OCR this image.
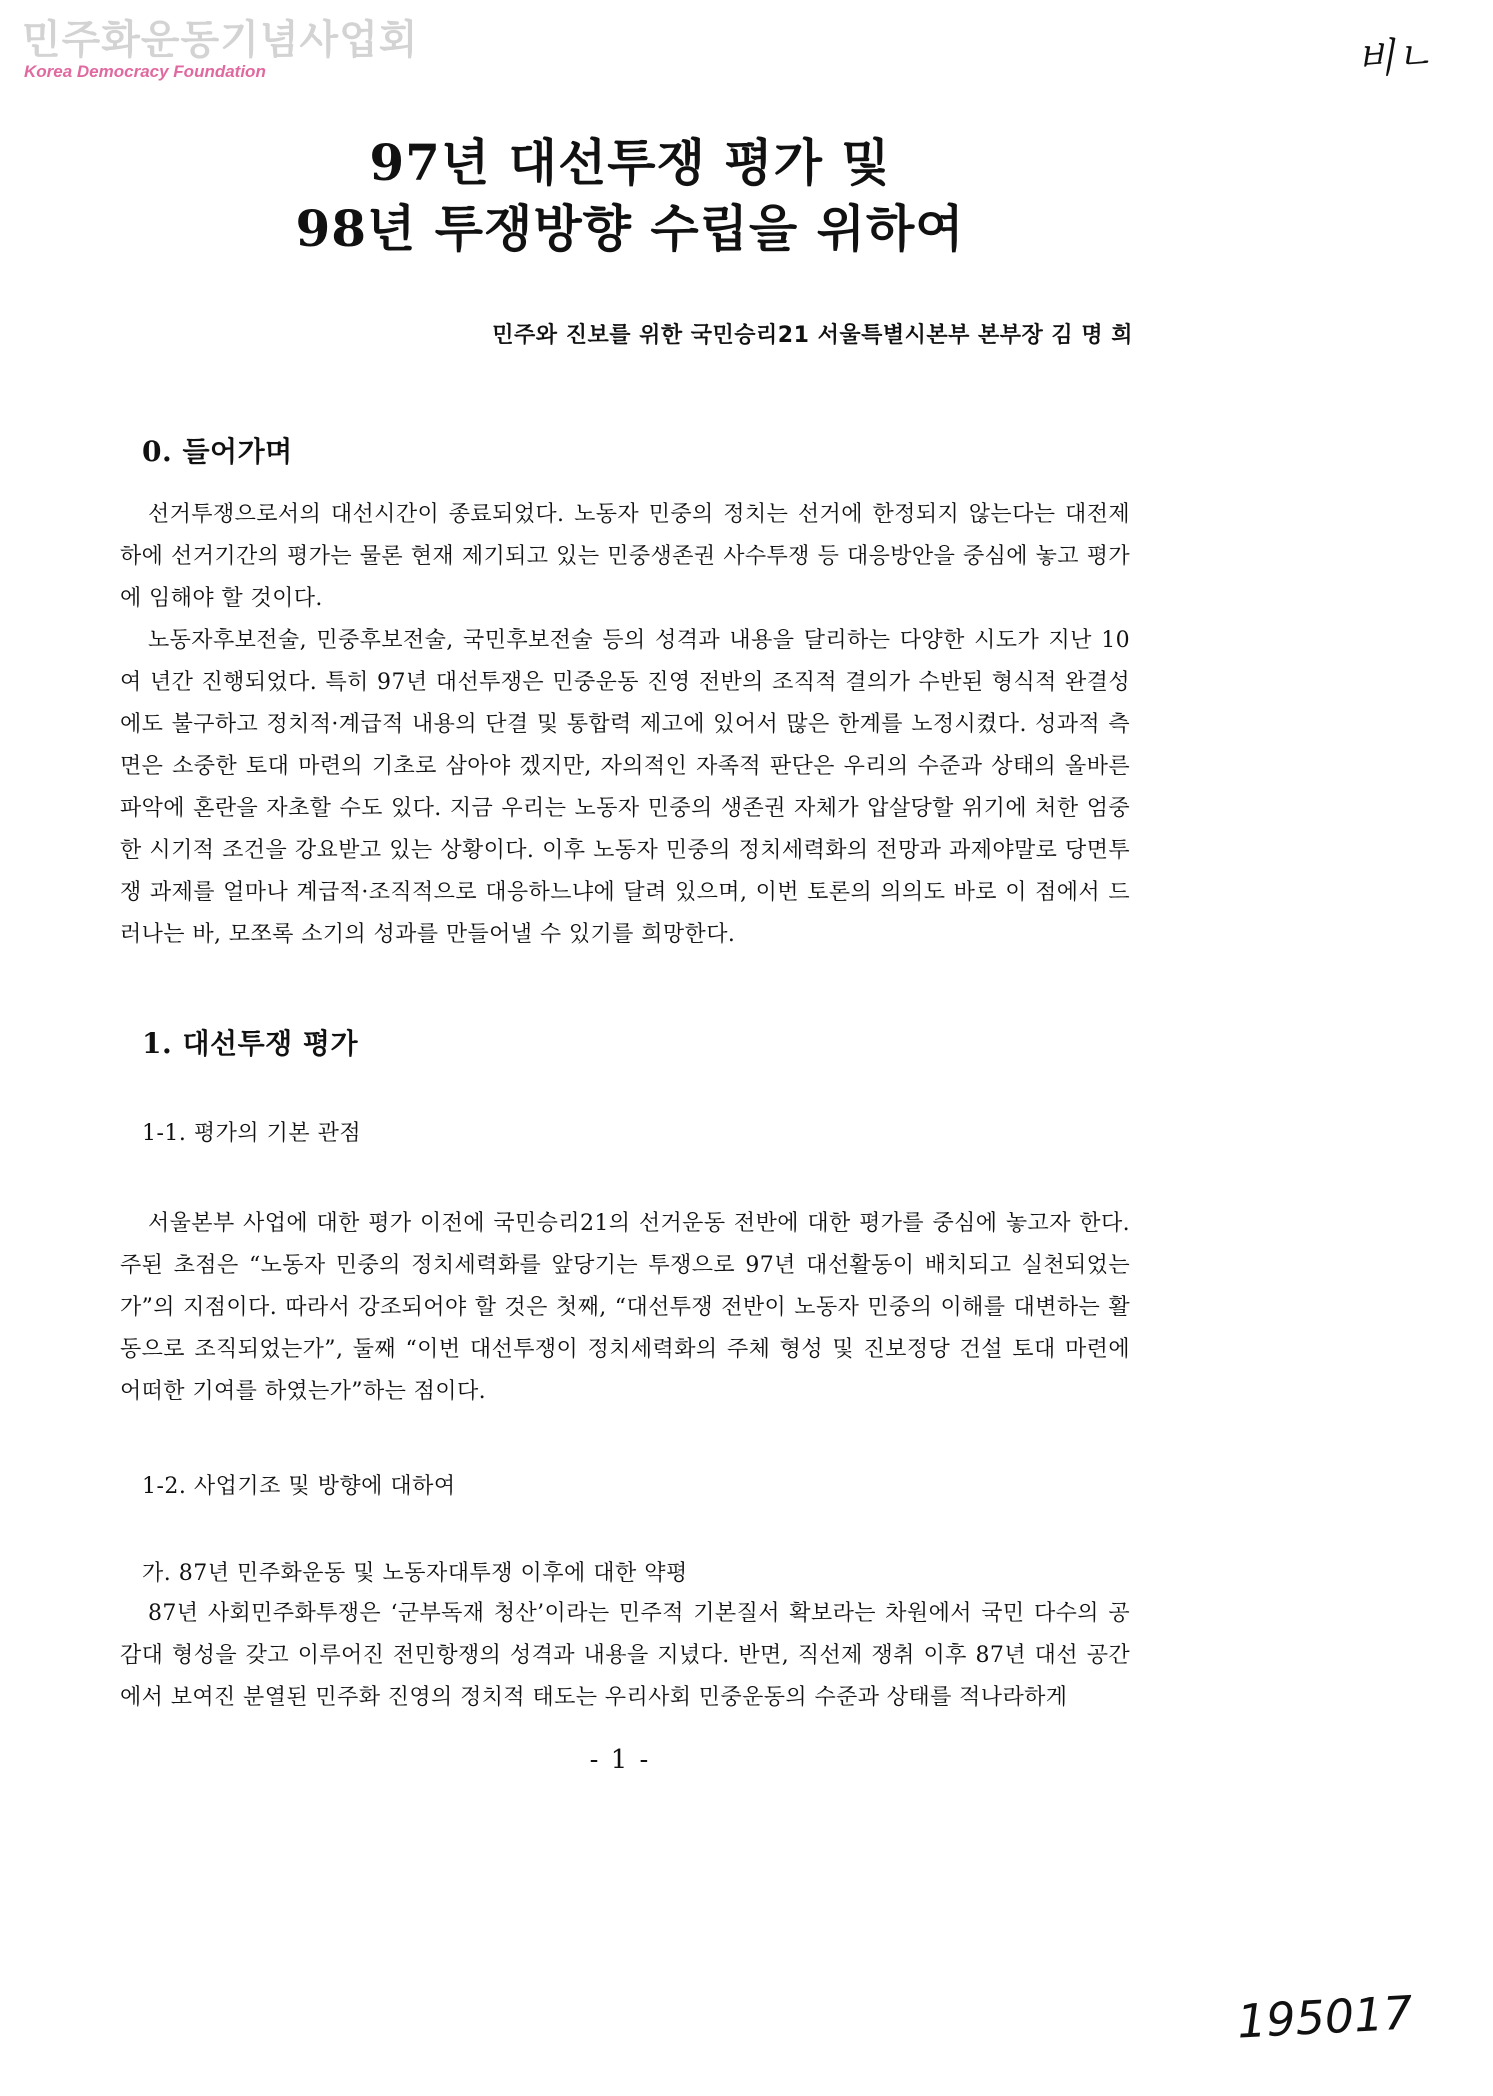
민주화운동기념사업회
Korea Democracy Foundation	비ㄴ
97년 대선투쟁 평가 및
98년 투쟁방향 수립을 위하여
민주와 진보를 위한 국민승리21 서울특별시본부 본부장 김 명 희
0. 들어가며

선거투쟁으로서의 대선시간이 종료되었다. 노동자 민중의 정치는 선거에 한정되지 않는다는 대전제 하에 선거기간의 평가는 물론 현재 제기되고 있는 민중생존권 사수투쟁 등 대응방안을 중심에 놓고 평가에 임해야 할 것이다.

노동자후보전술, 민중후보전술, 국민후보전술 등의 성격과 내용을 달리하는 다양한 시도가 지난 10여 년간 진행되었다. 특히 97년 대선투쟁은 민중운동 진영 전반의 조직적 결의가 수반된 형식적 완결성에도 불구하고 정치적·계급적 내용의 단결 및 통합력 제고에 있어서 많은 한계를 노정시켰다. 성과적 측면은 소중한 토대 마련의 기초로 삼아야 겠지만, 자의적인 자족적 판단은 우리의 수준과 상태의 올바른 파악에 혼란을 자초할 수도 있다. 지금 우리는 노동자 민중의 생존권 자체가 압살당할 위기에 처한 엄중한 시기적 조건을 강요받고 있는 상황이다. 이후 노동자 민중의 정치세력화의 전망과 과제야말로 당면투쟁 과제를 얼마나 계급적·조직적으로 대응하느냐에 달려 있으며, 이번 토론의 의의도 바로 이 점에서 드러나는 바, 모쪼록 소기의 성과를 만들어낼 수 있기를 희망한다.

1. 대선투쟁 평가
1-1. 평가의 기본 관점

서울본부 사업에 대한 평가 이전에 국민승리21의 선거운동 전반에 대한 평가를 중심에 놓고자 한다. 주된 초점은 “노동자 민중의 정치세력화를 앞당기는 투쟁으로 97년 대선활동이 배치되고 실천되었는가”의 지점이다. 따라서 강조되어야 할 것은 첫째, “대선투쟁 전반이 노동자 민중의 이해를 대변하는 활동으로 조직되었는가”, 둘째 “이번 대선투쟁이 정치세력화의 주체 형성 및 진보정당 건설 토대 마련에 어떠한 기여를 하였는가”하는 점이다.

1-2. 사업기조 및 방향에 대하여
가. 87년 민주화운동 및 노동자대투쟁 이후에 대한 약평

87년 사회민주화투쟁은 ‘군부독재 청산’이라는 민주적 기본질서 확보라는 차원에서 국민 다수의 공감대 형성을 갖고 이루어진 전민항쟁의 성격과 내용을 지녔다. 반면, 직선제 쟁취 이후 87년 대선 공간에서 보여진 분열된 민주화 진영의 정치적 태도는 우리사회 민중운동의 수준과 상태를 적나라하게

- 1 -
195017
